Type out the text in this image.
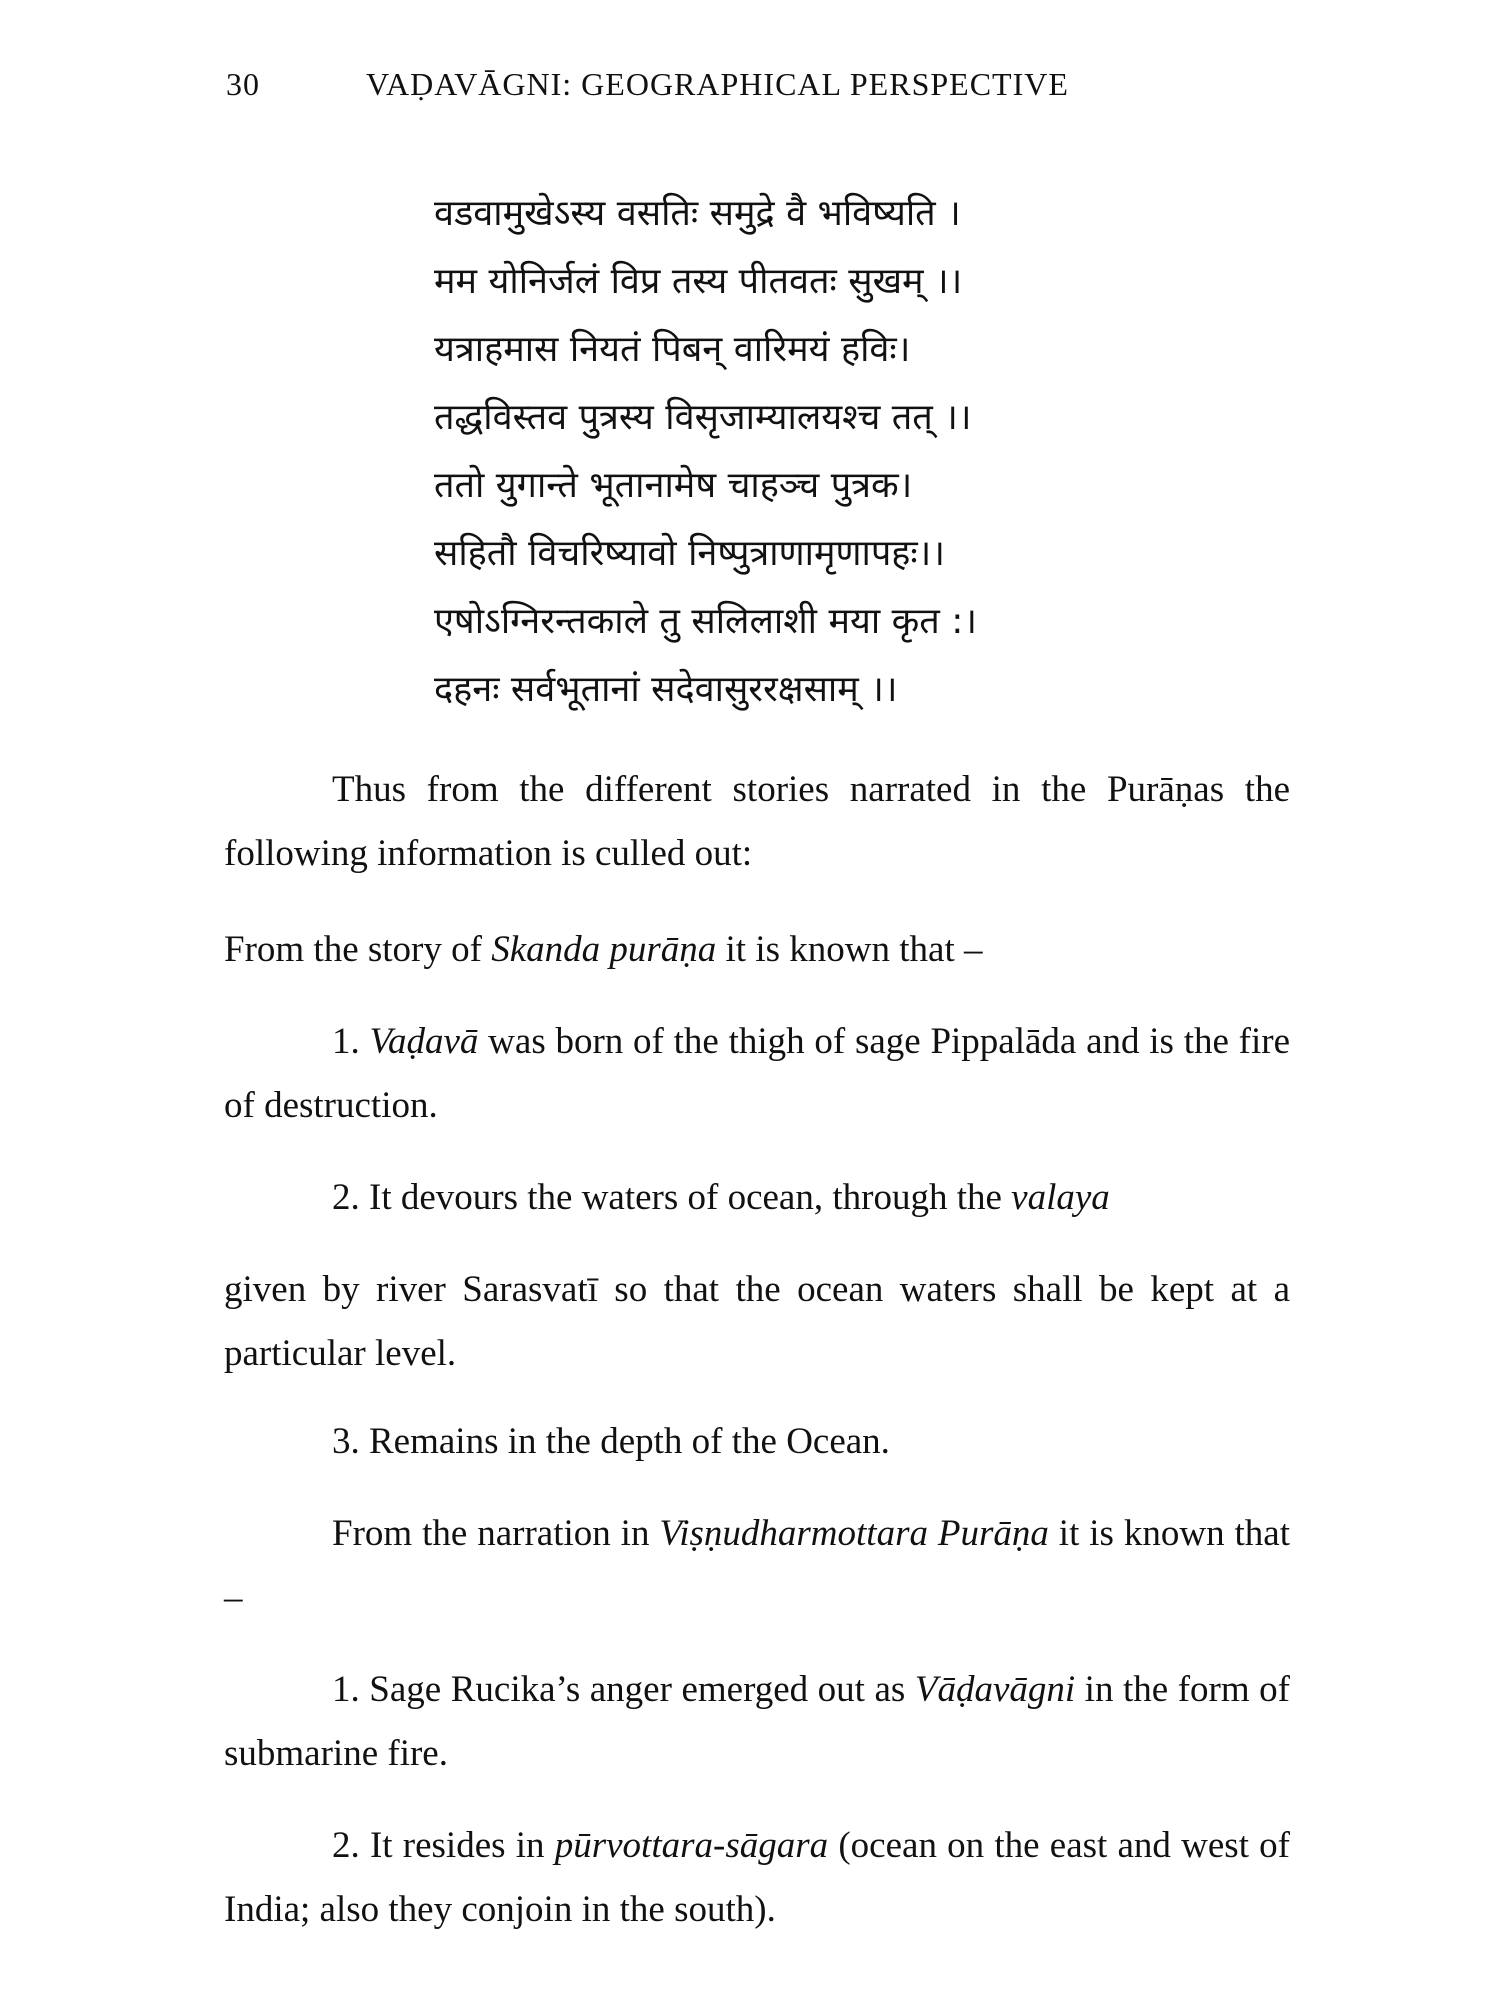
30	VAḌAVĀGNI: GEOGRAPHICAL PERSPECTIVE
वडवामुखेऽस्य वसतिः समुद्रे वै भविष्यति ।
मम योनिर्जलं विप्र तस्य पीतवतः सुखम् ।।
यत्राहमास नियतं पिबन् वारिमयं हविः।
तद्धविस्तव पुत्रस्य विसृजाम्यालयश्च तत् ।।
ततो युगान्ते भूतानामेष चाहञ्च पुत्रक।
सहितौ विचरिष्यावो निष्पुत्राणामृणापहः।।
एषोऽग्निरन्तकाले तु सलिलाशी मया कृत :।
दहनः सर्वभूतानां सदेवासुररक्षसाम् ।।
Thus from the different stories narrated in the Purāṇas the following information is culled out:
From the story of Skanda purāṇa it is known that –
1. Vaḍavā was born of the thigh of sage Pippalāda and is the fire of destruction.
2. It devours the waters of ocean, through the valaya
given by river Sarasvatī so that the ocean waters shall be kept at a particular level.
3. Remains in the depth of the Ocean.
From the narration in Viṣṇudharmottara Purāṇa it is known that –
1. Sage Rucika’s anger emerged out as Vāḍavāgni in the form of submarine fire.
2. It resides in pūrvottara-sāgara (ocean on the east and west of India; also they conjoin in the south).
